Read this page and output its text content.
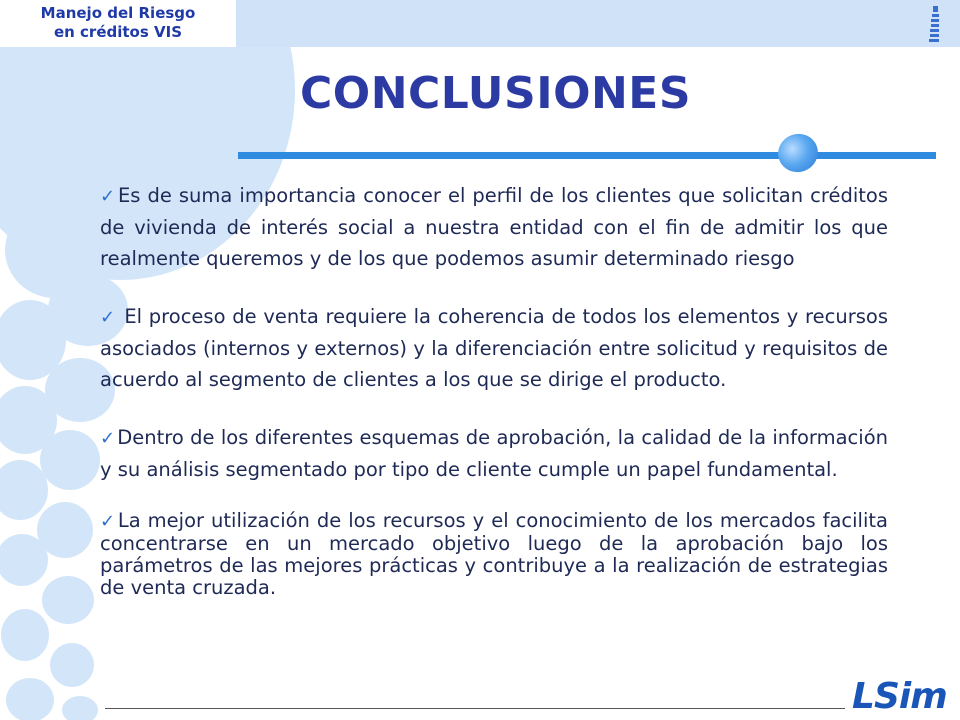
Manejo del Riesgo
en créditos VIS
CONCLUSIONES

✓ Es de suma importancia conocer el perfil de los clientes que solicitan créditos de vivienda de interés social a nuestra entidad con el fin de admitir los que realmente queremos y de los que podemos asumir determinado riesgo

✓ El proceso de venta requiere la coherencia de todos los elementos y recursos asociados (internos y externos) y la diferenciación entre solicitud y requisitos de acuerdo al segmento de clientes a los que se dirige el producto.

✓ Dentro de los diferentes esquemas de aprobación, la calidad de la información y su análisis segmentado por tipo de cliente cumple un papel fundamental.

✓ La mejor utilización de los recursos y el conocimiento de los mercados facilita concentrarse en un mercado objetivo luego de la aprobación bajo los parámetros de las mejores prácticas y contribuye a la realización de estrategias de venta cruzada.

LSim
